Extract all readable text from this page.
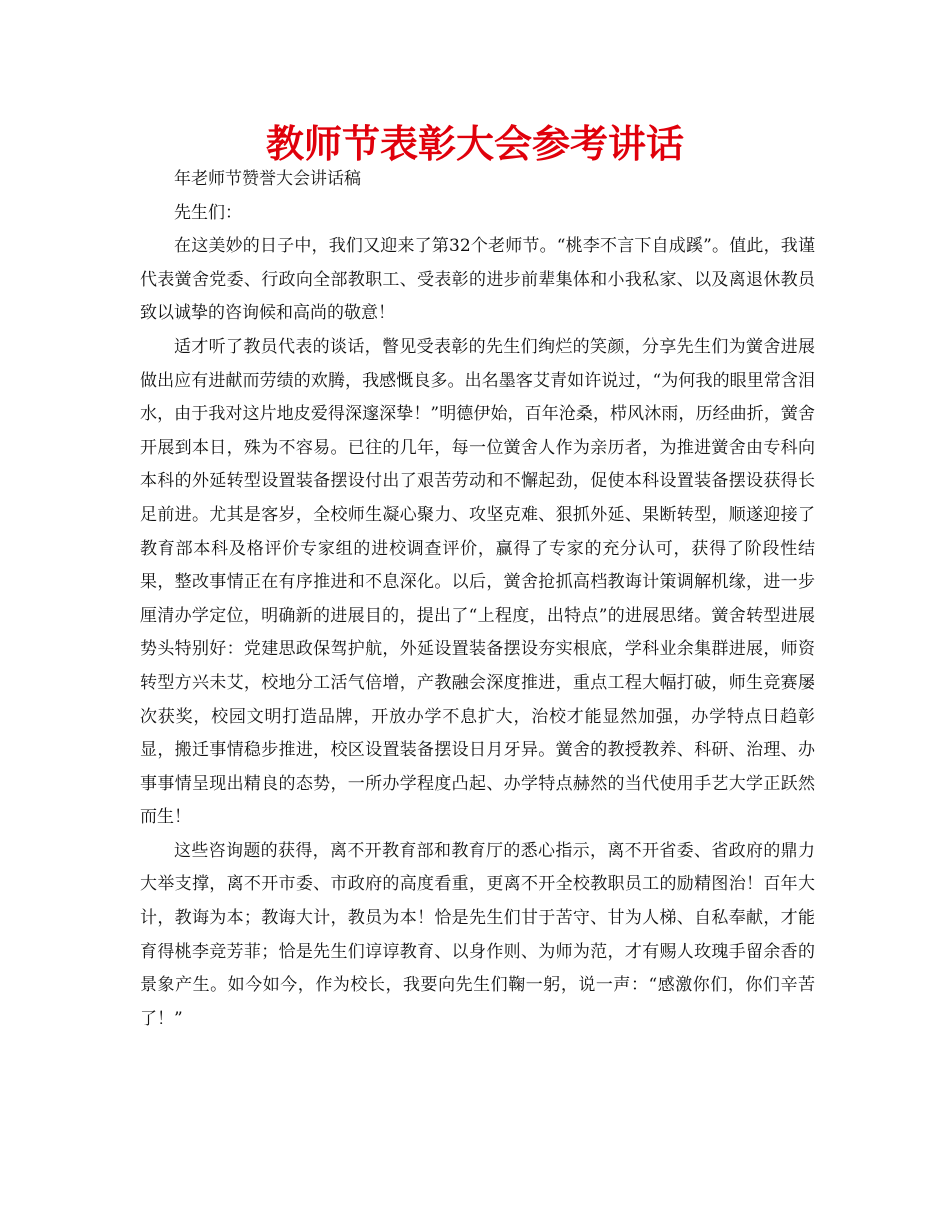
教师节表彰大会参考讲话

年老师节赞誉大会讲话稿

先生们：

在这美妙的日子中，我们又迎来了第32个老师节。“桃李不言下自成蹊”。值此，我谨代表黉舍党委、行政向全部教职工、受表彰的进步前辈集体和小我私家、以及离退休教员致以诚挚的咨询候和高尚的敬意！

适才听了教员代表的谈话，瞥见受表彰的先生们绚烂的笑颜，分享先生们为黉舍进展做出应有进献而劳绩的欢腾，我感慨良多。出名墨客艾青如许说过，“为何我的眼里常含泪水，由于我对这片地皮爱得深邃深挚！”明德伊始，百年沧桑，栉风沐雨，历经曲折，黉舍开展到本日，殊为不容易。已往的几年，每一位黉舍人作为亲历者，为推进黉舍由专科向本科的外延转型设置装备摆设付出了艰苦劳动和不懈起劲，促使本科设置装备摆设获得长足前进。尤其是客岁，全校师生凝心聚力、攻坚克难、狠抓外延、果断转型，顺遂迎接了教育部本科及格评价专家组的进校调查评价，赢得了专家的充分认可，获得了阶段性结果，整改事情正在有序推进和不息深化。以后，黉舍抢抓高档教诲计策调解机缘，进一步厘清办学定位，明确新的进展目的，提出了“上程度，出特点”的进展思绪。黉舍转型进展势头特别好：党建思政保驾护航，外延设置装备摆设夯实根底，学科业余集群进展，师资转型方兴未艾，校地分工活气倍增，产教融会深度推进，重点工程大幅打破，师生竞赛屡次获奖，校园文明打造品牌，开放办学不息扩大，治校才能显然加强，办学特点日趋彰显，搬迁事情稳步推进，校区设置装备摆设日月牙异。黉舍的教授教养、科研、治理、办事事情呈现出精良的态势，一所办学程度凸起、办学特点赫然的当代使用手艺大学正跃然而生！

这些咨询题的获得，离不开教育部和教育厅的悉心指示，离不开省委、省政府的鼎力大举支撑，离不开市委、市政府的高度看重，更离不开全校教职员工的励精图治！百年大计，教诲为本；教诲大计，教员为本！恰是先生们甘于苦守、甘为人梯、自私奉献，才能育得桃李竞芳菲；恰是先生们谆谆教育、以身作则、为师为范，才有赐人玫瑰手留余香的景象产生。如今如今，作为校长，我要向先生们鞠一躬，说一声：“感激你们，你们辛苦了！”
